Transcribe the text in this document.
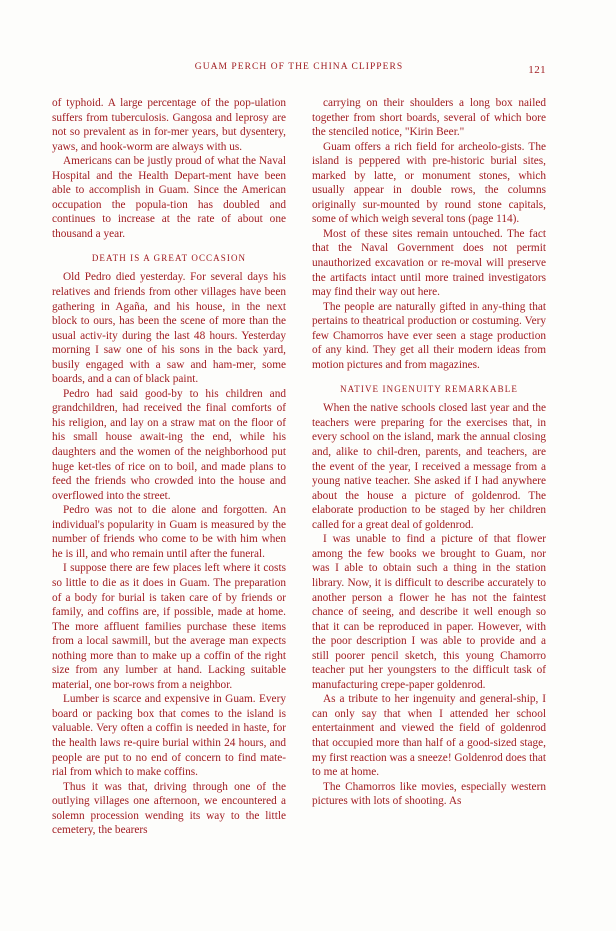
GUAM PERCH OF THE CHINA CLIPPERS	121

of typhoid. A large percentage of the pop-ulation suffers from tuberculosis. Gangosa and leprosy are not so prevalent as in for-mer years, but dysentery, yaws, and hook-worm are always with us.

Americans can be justly proud of what the Naval Hospital and the Health Depart-ment have been able to accomplish in Guam. Since the American occupation the popula-tion has doubled and continues to increase at the rate of about one thousand a year.

DEATH IS A GREAT OCCASION

Old Pedro died yesterday. For several days his relatives and friends from other villages have been gathering in Agaña, and his house, in the next block to ours, has been the scene of more than the usual activ-ity during the last 48 hours. Yesterday morning I saw one of his sons in the back yard, busily engaged with a saw and ham-mer, some boards, and a can of black paint.

Pedro had said good-by to his children and grandchildren, had received the final comforts of his religion, and lay on a straw mat on the floor of his small house await-ing the end, while his daughters and the women of the neighborhood put huge ket-tles of rice on to boil, and made plans to feed the friends who crowded into the house and overflowed into the street.

Pedro was not to die alone and forgotten. An individual's popularity in Guam is measured by the number of friends who come to be with him when he is ill, and who remain until after the funeral.

I suppose there are few places left where it costs so little to die as it does in Guam. The preparation of a body for burial is taken care of by friends or family, and coffins are, if possible, made at home. The more affluent families purchase these items from a local sawmill, but the average man expects nothing more than to make up a coffin of the right size from any lumber at hand. Lacking suitable material, one bor-rows from a neighbor.

Lumber is scarce and expensive in Guam. Every board or packing box that comes to the island is valuable. Very often a coffin is needed in haste, for the health laws re-quire burial within 24 hours, and people are put to no end of concern to find mate-rial from which to make coffins.

Thus it was that, driving through one of the outlying villages one afternoon, we encountered a solemn procession wending its way to the little cemetery, the bearers

carrying on their shoulders a long box nailed together from short boards, several of which bore the stenciled notice, "Kirin Beer."

Guam offers a rich field for archeolo-gists. The island is peppered with pre-historic burial sites, marked by latte, or monument stones, which usually appear in double rows, the columns originally sur-mounted by round stone capitals, some of which weigh several tons (page 114).

Most of these sites remain untouched. The fact that the Naval Government does not permit unauthorized excavation or re-moval will preserve the artifacts intact until more trained investigators may find their way out here.

The people are naturally gifted in any-thing that pertains to theatrical production or costuming. Very few Chamorros have ever seen a stage production of any kind. They get all their modern ideas from motion pictures and from magazines.

NATIVE INGENUITY REMARKABLE

When the native schools closed last year and the teachers were preparing for the exercises that, in every school on the island, mark the annual closing and, alike to chil-dren, parents, and teachers, are the event of the year, I received a message from a young native teacher. She asked if I had anywhere about the house a picture of goldenrod. The elaborate production to be staged by her children called for a great deal of goldenrod.

I was unable to find a picture of that flower among the few books we brought to Guam, nor was I able to obtain such a thing in the station library. Now, it is difficult to describe accurately to another person a flower he has not the faintest chance of seeing, and describe it well enough so that it can be reproduced in paper. However, with the poor description I was able to provide and a still poorer pencil sketch, this young Chamorro teacher put her youngsters to the difficult task of manufacturing crepe-paper goldenrod.

As a tribute to her ingenuity and general-ship, I can only say that when I attended her school entertainment and viewed the field of goldenrod that occupied more than half of a good-sized stage, my first reaction was a sneeze! Goldenrod does that to me at home.

The Chamorros like movies, especially western pictures with lots of shooting. As
